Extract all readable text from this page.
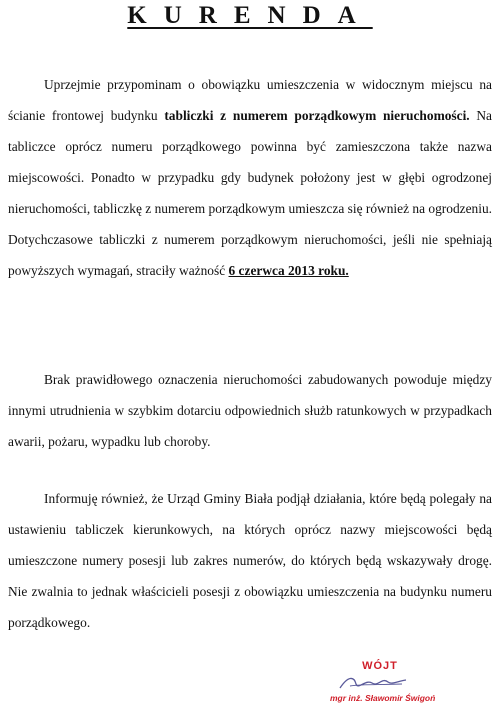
KURENDA

Uprzejmie przypominam o obowiązku umieszczenia w widocznym miejscu na ścianie frontowej budynku tabliczki z numerem porządkowym nieruchomości. Na tabliczce oprócz numeru porządkowego powinna być zamieszczona także nazwa miejscowości. Ponadto w przypadku gdy budynek położony jest w głębi ogrodzonej nieruchomości, tabliczkę z numerem porządkowym umieszcza się również na ogrodzeniu. Dotychczasowe tabliczki z numerem porządkowym nieruchomości, jeśli nie spełniają powyższych wymagań, straciły ważność 6 czerwca 2013 roku.

Brak prawidłowego oznaczenia nieruchomości zabudowanych powoduje między innymi utrudnienia w szybkim dotarciu odpowiednich służb ratunkowych w przypadkach awarii, pożaru, wypadku lub choroby.

Informuję również, że Urząd Gminy Biała podjął działania, które będą polegały na ustawieniu tabliczek kierunkowych, na których oprócz nazwy miejscowości będą umieszczone numery posesji lub zakres numerów, do których będą wskazywały drogę. Nie zwalnia to jednak właścicieli posesji z obowiązku umieszczenia na budynku numeru porządkowego.

WÓJT
mgr inż. Sławomir Świgoń
